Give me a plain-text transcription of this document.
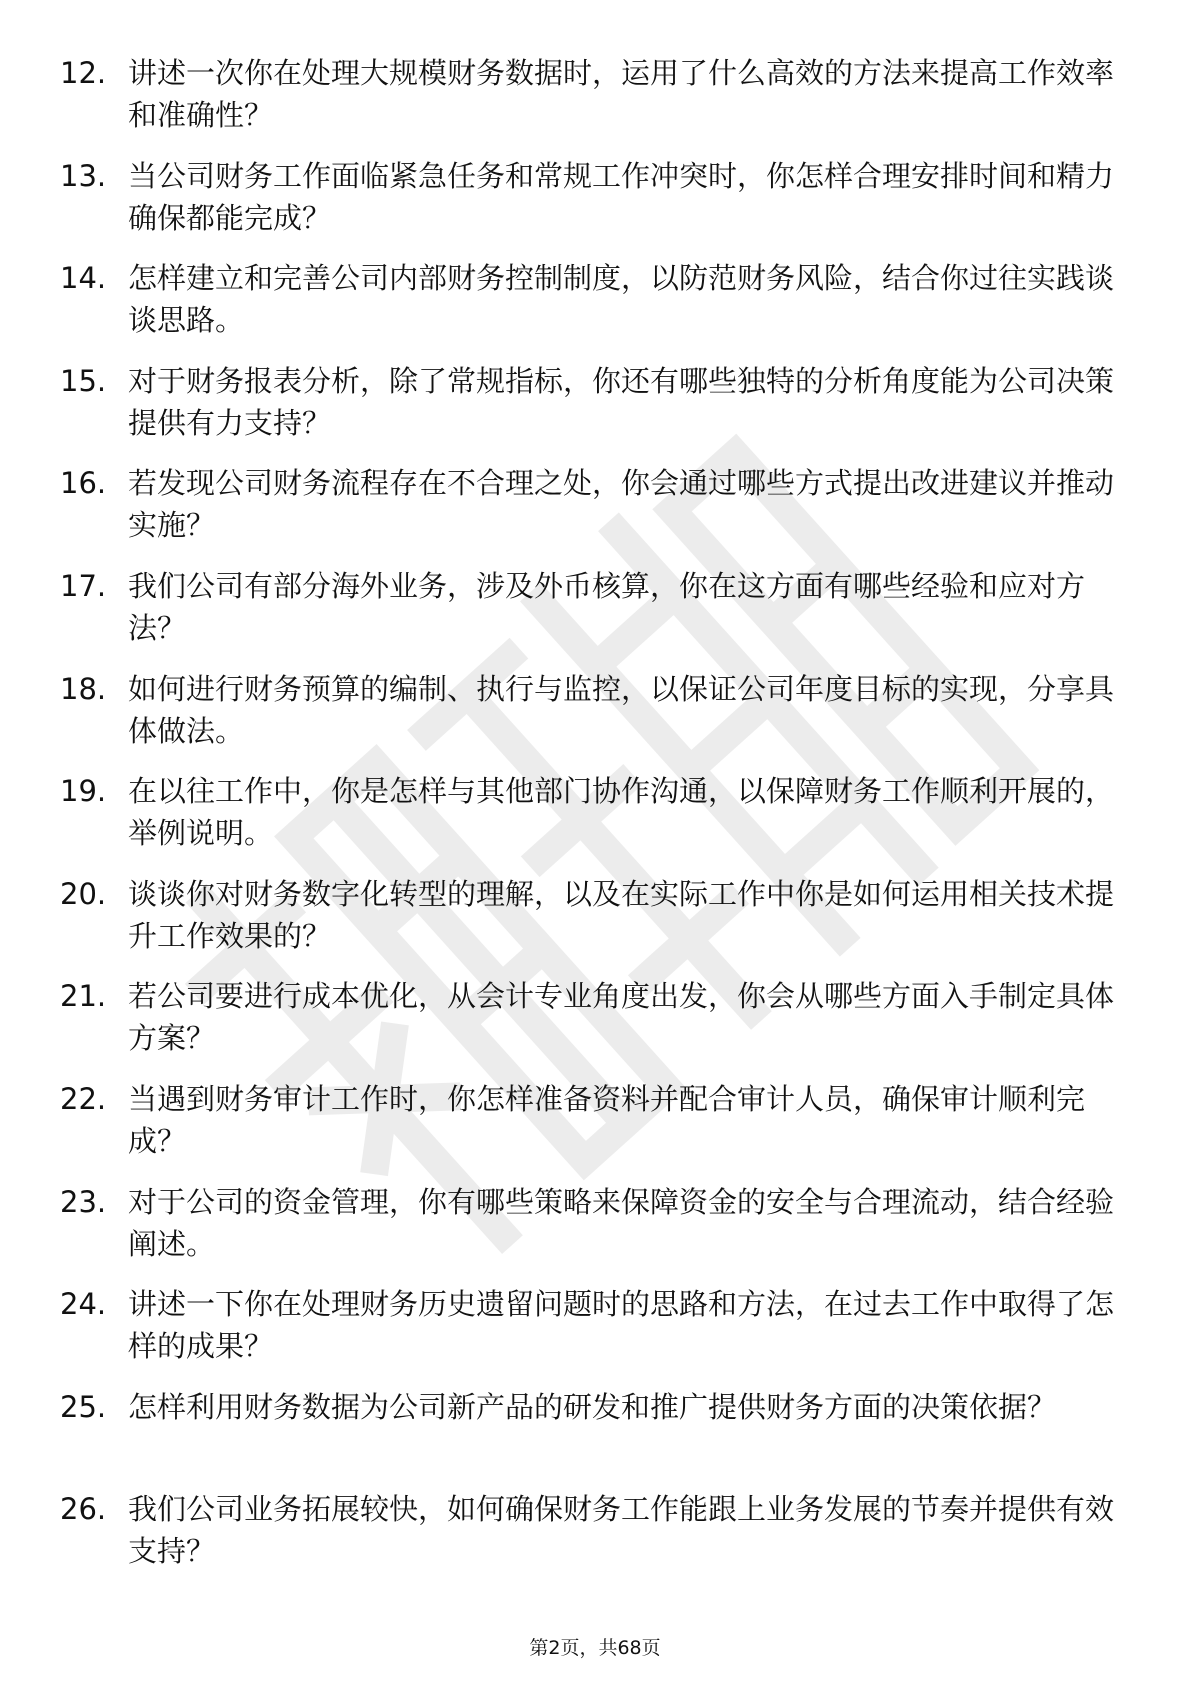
12. 讲述一次你在处理大规模财务数据时，运用了什么高效的方法来提高工作效率和准确性？
13. 当公司财务工作面临紧急任务和常规工作冲突时，你怎样合理安排时间和精力确保都能完成？
14. 怎样建立和完善公司内部财务控制制度，以防范财务风险，结合你过往实践谈谈思路。
15. 对于财务报表分析，除了常规指标，你还有哪些独特的分析角度能为公司决策提供有力支持？
16. 若发现公司财务流程存在不合理之处，你会通过哪些方式提出改进建议并推动实施？
17. 我们公司有部分海外业务，涉及外币核算，你在这方面有哪些经验和应对方法？
18. 如何进行财务预算的编制、执行与监控，以保证公司年度目标的实现，分享具体做法。
19. 在以往工作中，你是怎样与其他部门协作沟通，以保障财务工作顺利开展的，举例说明。
20. 谈谈你对财务数字化转型的理解，以及在实际工作中你是如何运用相关技术提升工作效果的？
21. 若公司要进行成本优化，从会计专业角度出发，你会从哪些方面入手制定具体方案？
22. 当遇到财务审计工作时，你怎样准备资料并配合审计人员，确保审计顺利完成？
23. 对于公司的资金管理，你有哪些策略来保障资金的安全与合理流动，结合经验阐述。
24. 讲述一下你在处理财务历史遗留问题时的思路和方法，在过去工作中取得了怎样的成果？
25. 怎样利用财务数据为公司新产品的研发和推广提供财务方面的决策依据？
26. 我们公司业务拓展较快，如何确保财务工作能跟上业务发展的节奏并提供有效支持？
第2页，共68页
